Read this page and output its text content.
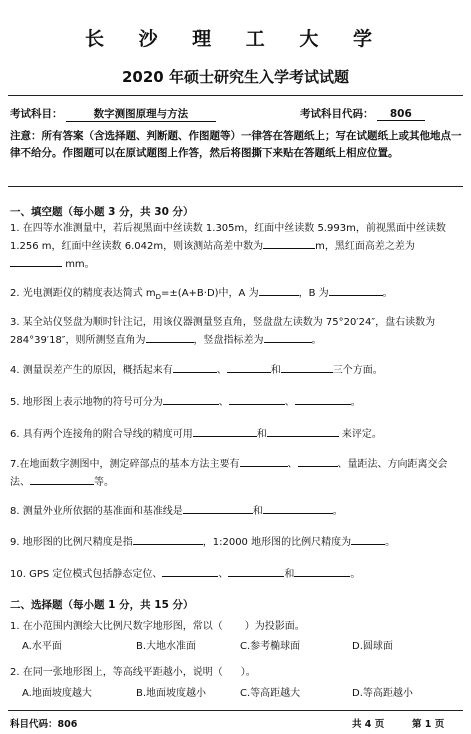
长 沙 理 工 大 学
2020 年硕士研究生入学考试试题
考试科目：	数字测图原理与方法	考试科目代码： 806
注意：所有答案（含选择题、判断题、作图题等）一律答在答题纸上；写在试题纸上或其他地点一律不给分。作图题可以在原试题图上作答，然后将图撕下来贴在答题纸上相应位置。
一、填空题（每小题 3 分，共 30 分）
1. 在四等水准测量中，若后视黑面中丝读数 1.305m，红面中丝读数 5.993m，前视黑面中丝读数 1.256 m，红面中丝读数 6.042m，则该测站高差中数为	m，黑红面高差之差为 mm。
2. 光电测距仪的精度表达简式 $m_D=\pm(A+B\cdot D)$中，A 为	，B 为	。
3. 某全站仪竖盘为顺时针注记，用该仪器测量竖直角，竖盘盘左读数为 75°20′24″，盘右读数为 284°39′18″，则所测竖直角为	，竖盘指标差为	。
4. 测量误差产生的原因，概括起来有	、	和	三个方面。
5. 地形图上表示地物的符号可分为	、	、	。
6. 具有两个连接角的附合导线的精度可用	和	来评定。
7.在地面数字测图中，测定碎部点的基本方法主要有	、	、量距法、方向距离交会法、	等。
8. 测量外业所依据的基准面和基准线是	和	。
9. 地形图的比例尺精度是指	，1:2000 地形图的比例尺精度为	。
10. GPS 定位模式包括静态定位、	、	和	。
二、选择题（每小题 1 分，共 15 分）
1. 在小范围内测绘大比例尺数字地形图，常以（ ）为投影面。
A.水平面	B.大地水准面	C.参考椭球面	D.圆球面
2. 在同一张地形图上，等高线平距越小，说明（ ）。
A.地面坡度越大	B.地面坡度越小	C.等高距越大	D.等高距越小
科目代码：806	共 4 页	第 1 页
